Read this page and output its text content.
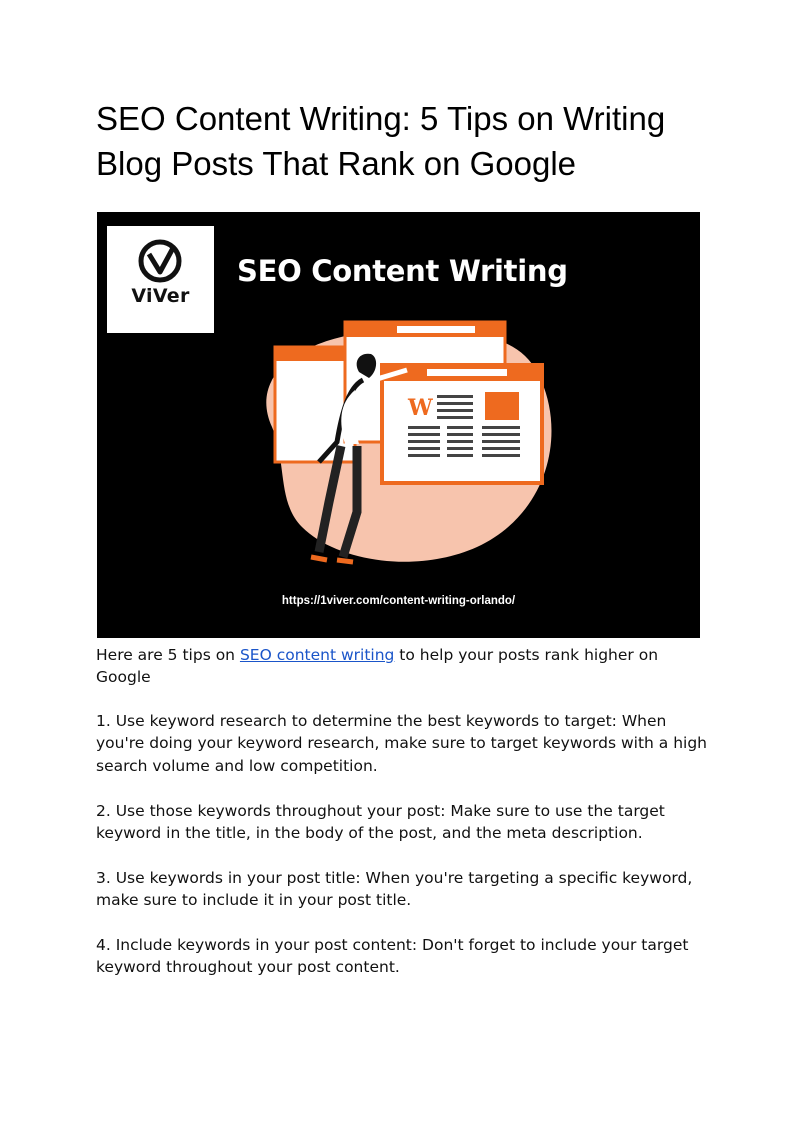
SEO Content Writing: 5 Tips on Writing Blog Posts That Rank on Google
W
ViVer
SEO Content Writing
https://1viver.com/content-writing-orlando/

Here are 5 tips on SEO content writing to help your posts rank higher on Google

1. Use keyword research to determine the best keywords to target: When you're doing your keyword research, make sure to target keywords with a high search volume and low competition.

2. Use those keywords throughout your post: Make sure to use the target keyword in the title, in the body of the post, and the meta description.

3. Use keywords in your post title: When you're targeting a specific keyword, make sure to include it in your post title.

4. Include keywords in your post content: Don't forget to include your target keyword throughout your post content.
